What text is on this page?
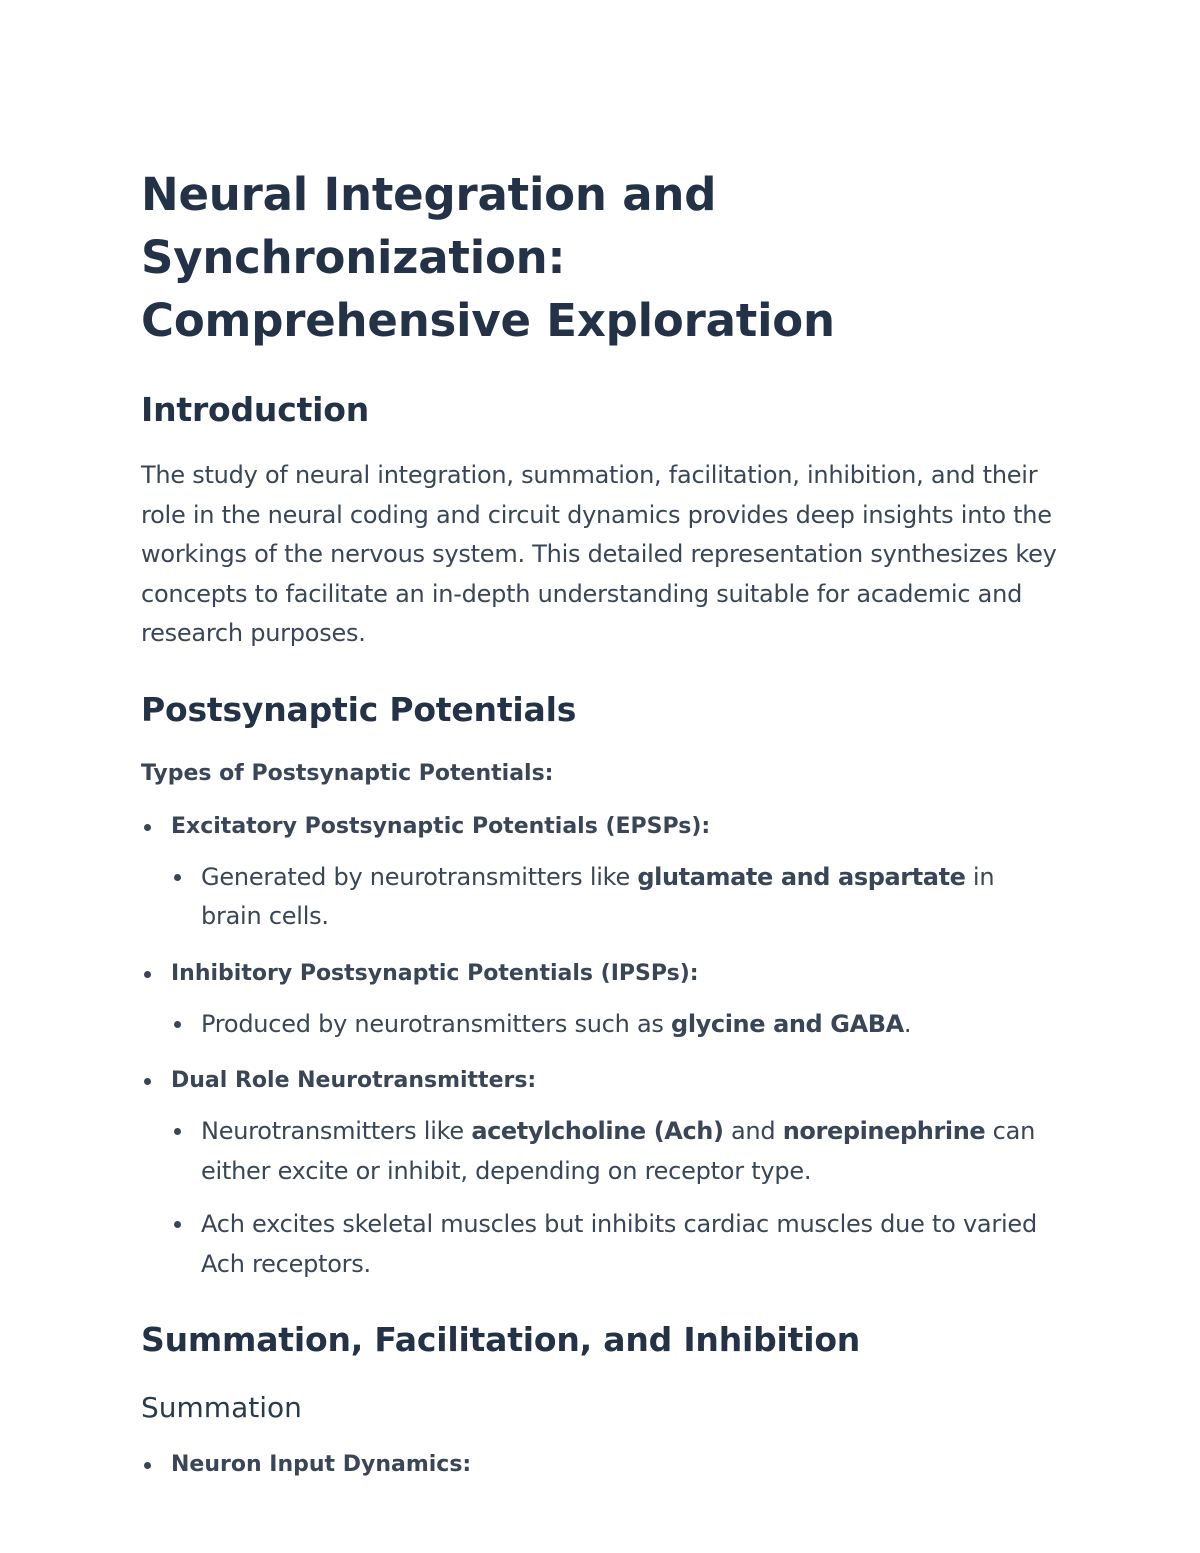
Neural Integration and Synchronization:
Comprehensive Exploration
Introduction

The study of neural integration, summation, facilitation, inhibition, and their role in the neural coding and circuit dynamics provides deep insights into the workings of the nervous system. This detailed representation synthesizes key concepts to facilitate an in-depth understanding suitable for academic and research purposes.

Postsynaptic Potentials

Types of Postsynaptic Potentials:

Excitatory Postsynaptic Potentials (EPSPs):
Generated by neurotransmitters like glutamate and aspartate in brain cells.
Inhibitory Postsynaptic Potentials (IPSPs):
Produced by neurotransmitters such as glycine and GABA.
Dual Role Neurotransmitters:
Neurotransmitters like acetylcholine (Ach) and norepinephrine can either excite or inhibit, depending on receptor type.
Ach excites skeletal muscles but inhibits cardiac muscles due to varied Ach receptors.
Summation, Facilitation, and Inhibition
Summation
Neuron Input Dynamics:
